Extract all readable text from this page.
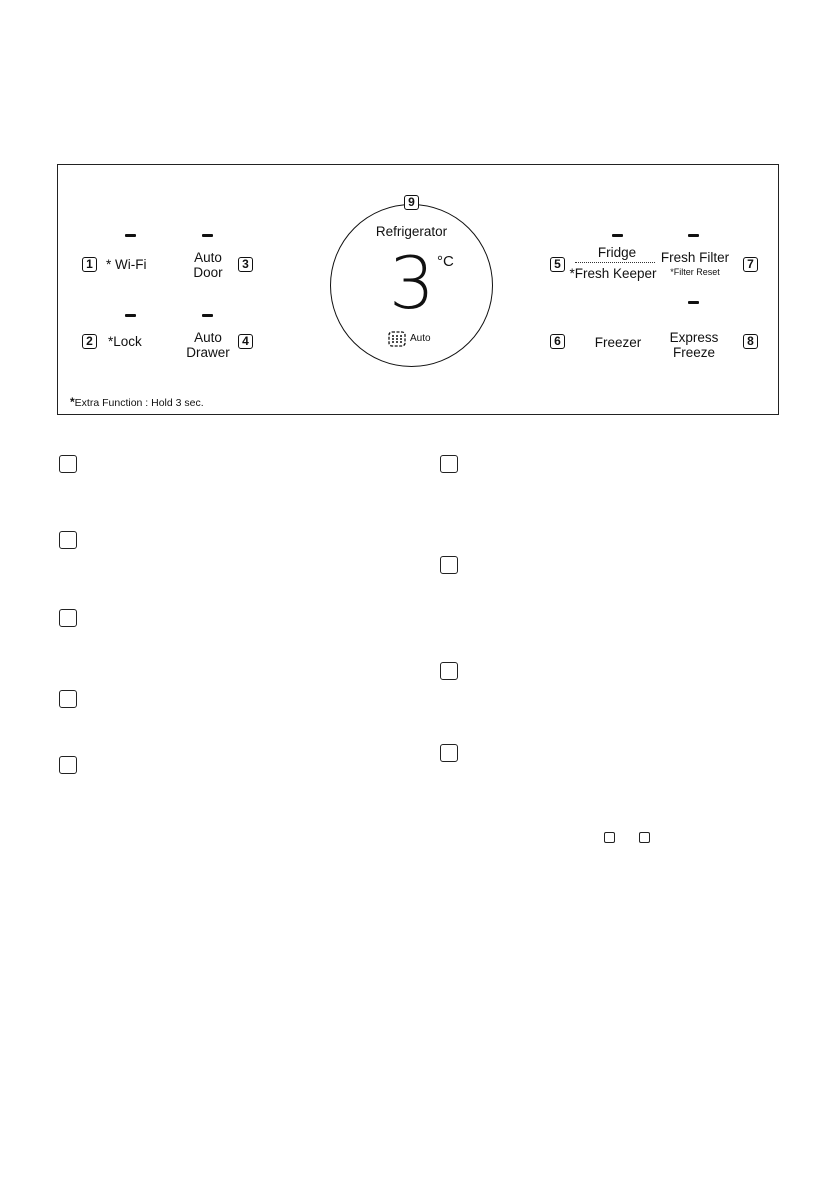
1 * Wi-Fi
2	*Lock
Auto
Door
3
Auto
Drawer
4
Refrigerator
3 °C
Auto
9
5
Fridge
*Fresh Keeper
Fresh Filter
*Filter Reset
7
6	Freezer	Express
Freeze
8
*Extra Function : Hold 3 sec.
